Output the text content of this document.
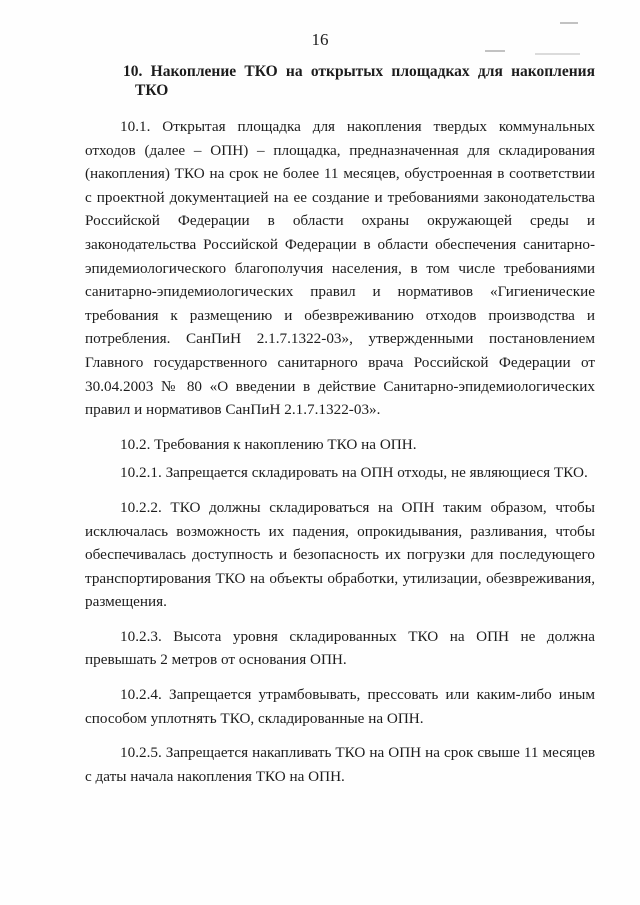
16
10. Накопление ТКО на открытых площадках для накопления ТКО

10.1. Открытая площадка для накопления твердых коммунальных отходов (далее – ОПН) – площадка, предназначенная для складирования (накопления) ТКО на срок не более 11 месяцев, обустроенная в соответствии с проектной документацией на ее создание и требованиями законодательства Российской Федерации в области охраны окружающей среды и законодательства Российской Федерации в области обеспечения санитарно-эпидемиологического благополучия населения, в том числе требованиями санитарно-эпидемиологических правил и нормативов «Гигиенические требования к размещению и обезвреживанию отходов производства и потребления. СанПиН 2.1.7.1322-03», утвержденными постановлением Главного государственного санитарного врача Российской Федерации от 30.04.2003 № 80 «О введении в действие Санитарно-эпидемиологических правил и нормативов СанПиН 2.1.7.1322-03».

10.2. Требования к накоплению ТКО на ОПН.

10.2.1. Запрещается складировать на ОПН отходы, не являющиеся ТКО.

10.2.2. ТКО должны складироваться на ОПН таким образом, чтобы исключалась возможность их падения, опрокидывания, разливания, чтобы обеспечивалась доступность и безопасность их погрузки для последующего транспортирования ТКО на объекты обработки, утилизации, обезвреживания, размещения.

10.2.3. Высота уровня складированных ТКО на ОПН не должна превышать 2 метров от основания ОПН.

10.2.4. Запрещается утрамбовывать, прессовать или каким-либо иным способом уплотнять ТКО, складированные на ОПН.

10.2.5. Запрещается накапливать ТКО на ОПН на срок свыше 11 месяцев с даты начала накопления ТКО на ОПН.
